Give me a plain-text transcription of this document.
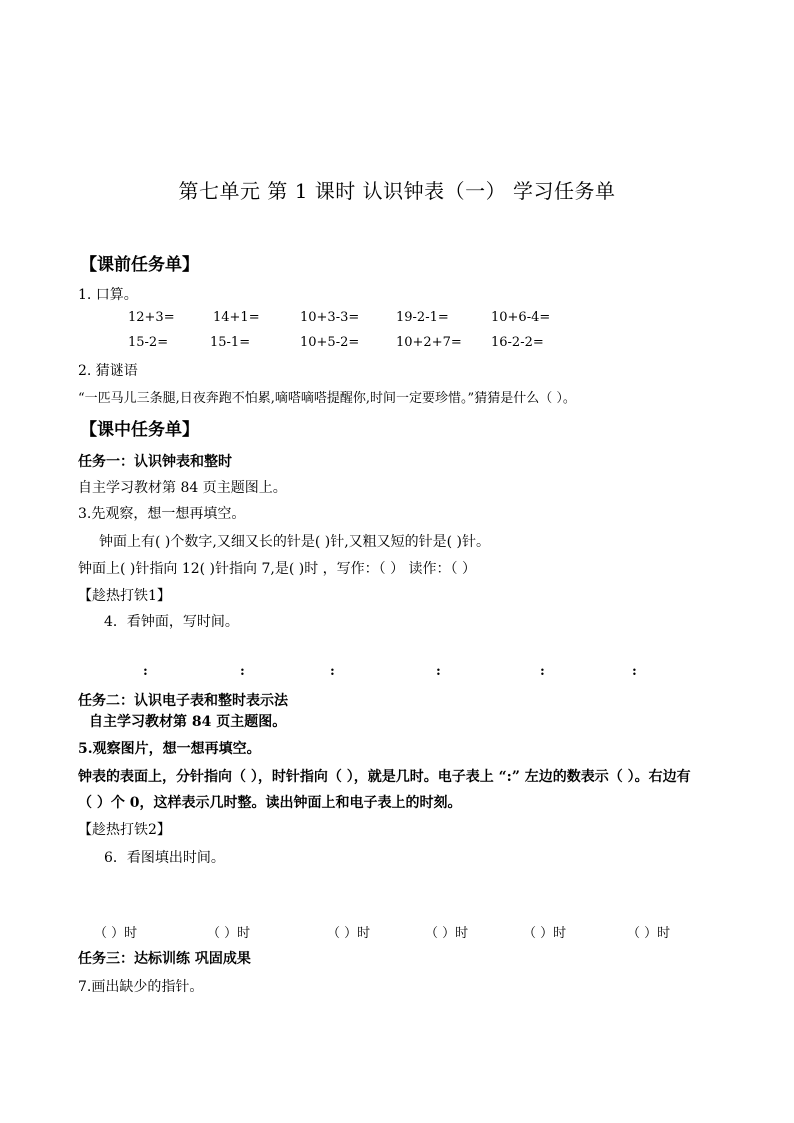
第七单元 第 1 课时 认识钟表（一） 学习任务单
【课前任务单】
1. 口算。
12+3=	14+1=	10+3-3=	19-2-1=	10+6-4=
15-2=	15-1=	10+5-2=	10+2+7= 16-2-2=
2. 猜谜语
“一匹马儿三条腿,日夜奔跑不怕累,嘀嗒嘀嗒提醒你,时间一定要珍惜。”猜猜是什么（ ）。
【课中任务单】
任务一：认识钟表和整时
自主学习教材第 84 页主题图上。
3.先观察，想一想再填空。
钟面上有( )个数字,又细又长的针是( )针,又粗又短的针是( )针。
钟面上( )针指向 12( )针指向 7,是( )时 ，写作：（ ） 读作：（ ）
【趁热打铁1】
4．看钟面，写时间。
:	:	:	:	:	:
任务二：认识电子表和整时表示法
自主学习教材第 84 页主题图。
5.观察图片，想一想再填空。
钟表的表面上，分针指向（ ），时针指向（ ），就是几时。电子表上 “:” 左边的数表示（ ）。右边有
（ ）个 0，这样表示几时整。读出钟面上和电子表上的时刻。
【趁热打铁2】
6．看图填出时间。
（ ）时	（ ）时	（ ）时	（ ）时	（ ）时	（ ）时
任务三：达标训练 巩固成果
7.画出缺少的指针。
